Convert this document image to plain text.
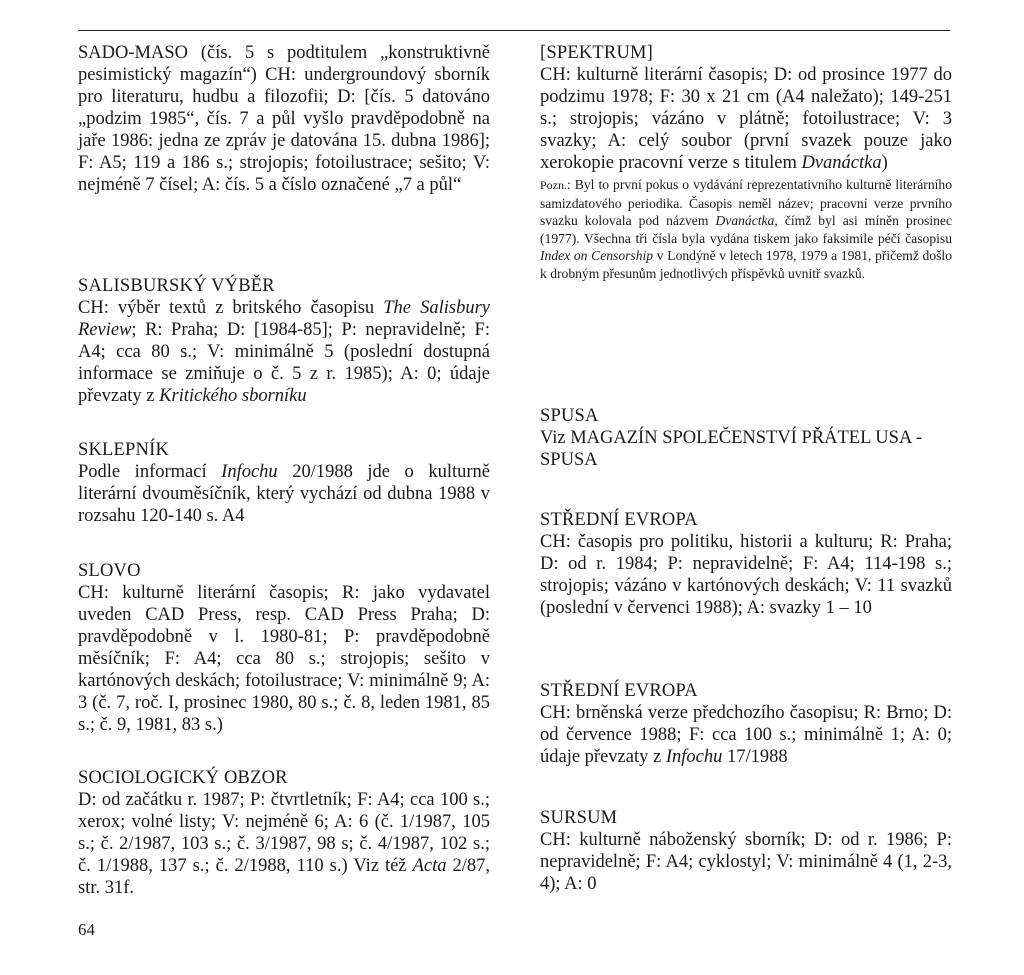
SADO-MASO (čís. 5 s podtitulem „konstruktivně pesimistický magazín“) CH: undergroundový sborník pro literaturu, hudbu a filozofii; D: [čís. 5 datováno „podzim 1985“, čís. 7 a půl vyšlo pravděpodobně na jaře 1986: jedna ze zpráv je datována 15. dubna 1986]; F: A5; 119 a 186 s.; strojopis; fotoilustrace; sešito; V: nejméně 7 čísel; A: čís. 5 a číslo označené „7 a půl“
SALISBURSKÝ VÝBĚR
CH: výběr textů z britského časopisu The Salisbury Review; R: Praha; D: [1984-85]; P: nepravidelně; F: A4; cca 80 s.; V: minimálně 5 (poslední dostupná informace se zmiňuje o č. 5 z r. 1985); A: 0; údaje převzaty z Kritického sborníku
SKLEPNÍK
Podle informací Infochu 20/1988 jde o kulturně literární dvouměsíčník, který vychází od dubna 1988 v rozsahu 120-140 s. A4
SLOVO
CH: kulturně literární časopis; R: jako vydavatel uveden CAD Press, resp. CAD Press Praha; D: pravděpodobně v l. 1980-81; P: pravděpodobně měsíčník; F: A4; cca 80 s.; strojopis; sešito v kartónových deskách; fotoilustrace; V: minimálně 9; A: 3 (č. 7, roč. I, prosinec 1980, 80 s.; č. 8, leden 1981, 85 s.; č. 9, 1981, 83 s.)
SOCIOLOGICKÝ OBZOR
D: od začátku r. 1987; P: čtvrtletník; F: A4; cca 100 s.; xerox; volné listy; V: nejméně 6; A: 6 (č. 1/1987, 105 s.; č. 2/1987, 103 s.; č. 3/1987, 98 s; č. 4/1987, 102 s.; č. 1/1988, 137 s.; č. 2/1988, 110 s.) Viz též Acta 2/87, str. 31f.
[SPEKTRUM]
CH: kulturně literární časopis; D: od prosince 1977 do podzimu 1978; F: 30 x 21 cm (A4 naležato); 149-251 s.; strojopis; vázáno v plátně; fotoilustrace; V: 3 svazky; A: celý soubor (první svazek pouze jako xerokopie pracovní verze s titulem Dvanáctka)
Pozn.: Byl to první pokus o vydávání reprezentativního kulturně literárního samizdatového periodika. Časopis neměl název; pracovní verze prvního svazku kolovala pod názvem Dvanáctka, čímž byl asi míněn prosinec (1977). Všechna tři čísla byla vydána tiskem jako faksimile péčí časopisu Index on Censorship v Londýně v letech 1978, 1979 a 1981, přičemž došlo k drobným přesunům jednotlivých příspěvků uvnitř svazků.
SPUSA
Viz MAGAZÍN SPOLEČENSTVÍ PŘÁTEL USA - SPUSA
STŘEDNÍ EVROPA
CH: časopis pro politiku, historii a kulturu; R: Praha; D: od r. 1984; P: nepravidelně; F: A4; 114-198 s.; strojopis; vázáno v kartónových deskách; V: 11 svazků (poslední v červenci 1988); A: svazky 1 – 10
STŘEDNÍ EVROPA
CH: brněnská verze předchozího časopisu; R: Brno; D: od července 1988; F: cca 100 s.; minimálně 1; A: 0; údaje převzaty z Infochu 17/1988
SURSUM
CH: kulturně náboženský sborník; D: od r. 1986; P: nepravidelně; F: A4; cyklostyl; V: minimálně 4 (1, 2-3, 4); A: 0
64
